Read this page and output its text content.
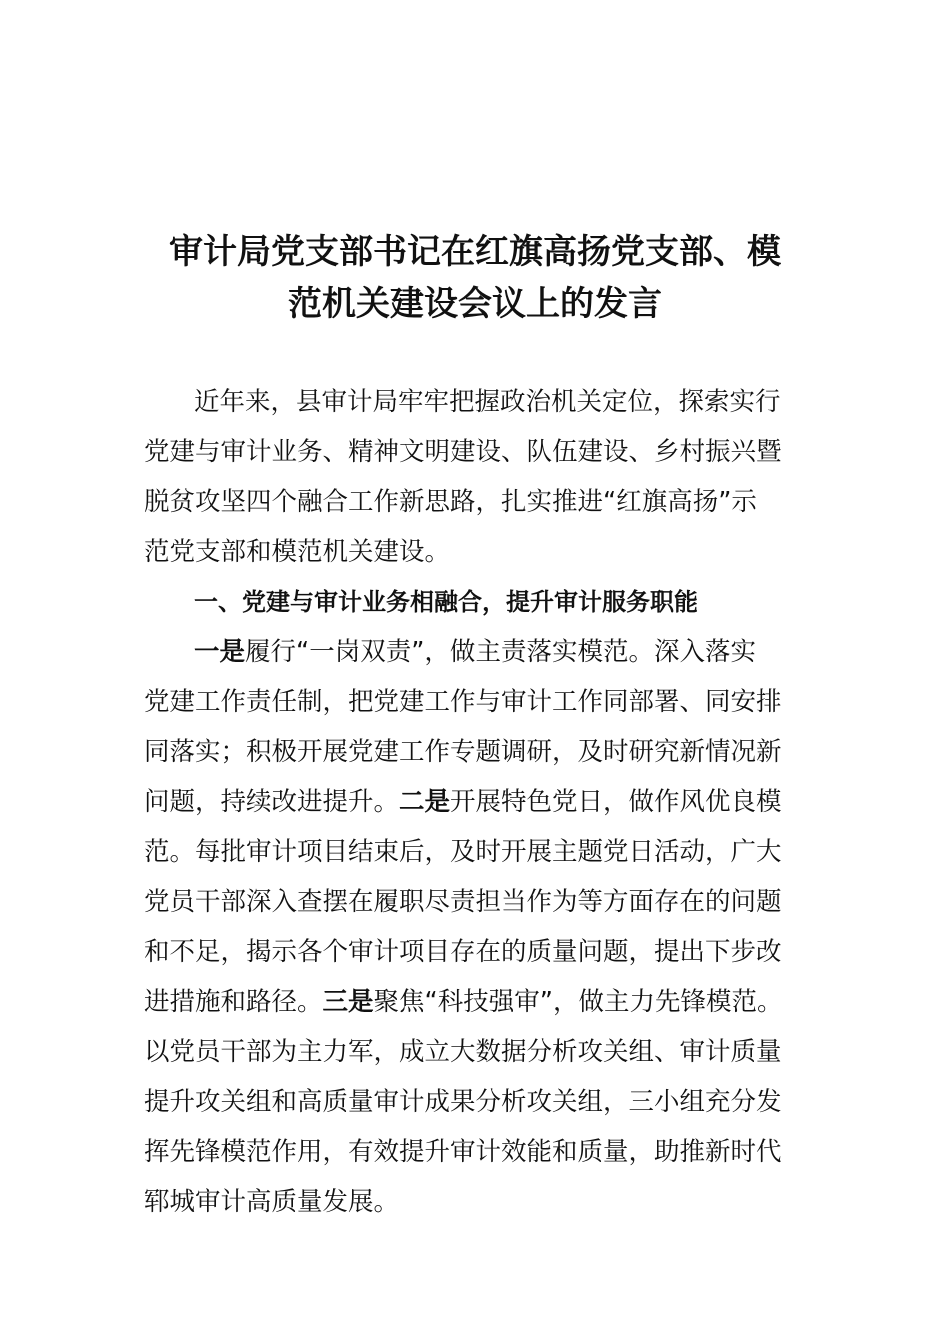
审计局党支部书记在红旗高扬党支部、模
范机关建设会议上的发言
近年来，县审计局牢牢把握政治机关定位，探索实行
党建与审计业务、精神文明建设、队伍建设、乡村振兴暨
脱贫攻坚四个融合工作新思路，扎实推进“红旗高扬”示
范党支部和模范机关建设。
一、党建与审计业务相融合，提升审计服务职能
一是履行“一岗双责”，做主责落实模范。深入落实
党建工作责任制，把党建工作与审计工作同部署、同安排
同落实；积极开展党建工作专题调研，及时研究新情况新
问题，持续改进提升。二是开展特色党日，做作风优良模
范。每批审计项目结束后，及时开展主题党日活动，广大
党员干部深入查摆在履职尽责担当作为等方面存在的问题
和不足，揭示各个审计项目存在的质量问题，提出下步改
进措施和路径。三是聚焦“科技强审”，做主力先锋模范。
以党员干部为主力军，成立大数据分析攻关组、审计质量
提升攻关组和高质量审计成果分析攻关组，三小组充分发
挥先锋模范作用，有效提升审计效能和质量，助推新时代
郓城审计高质量发展。
